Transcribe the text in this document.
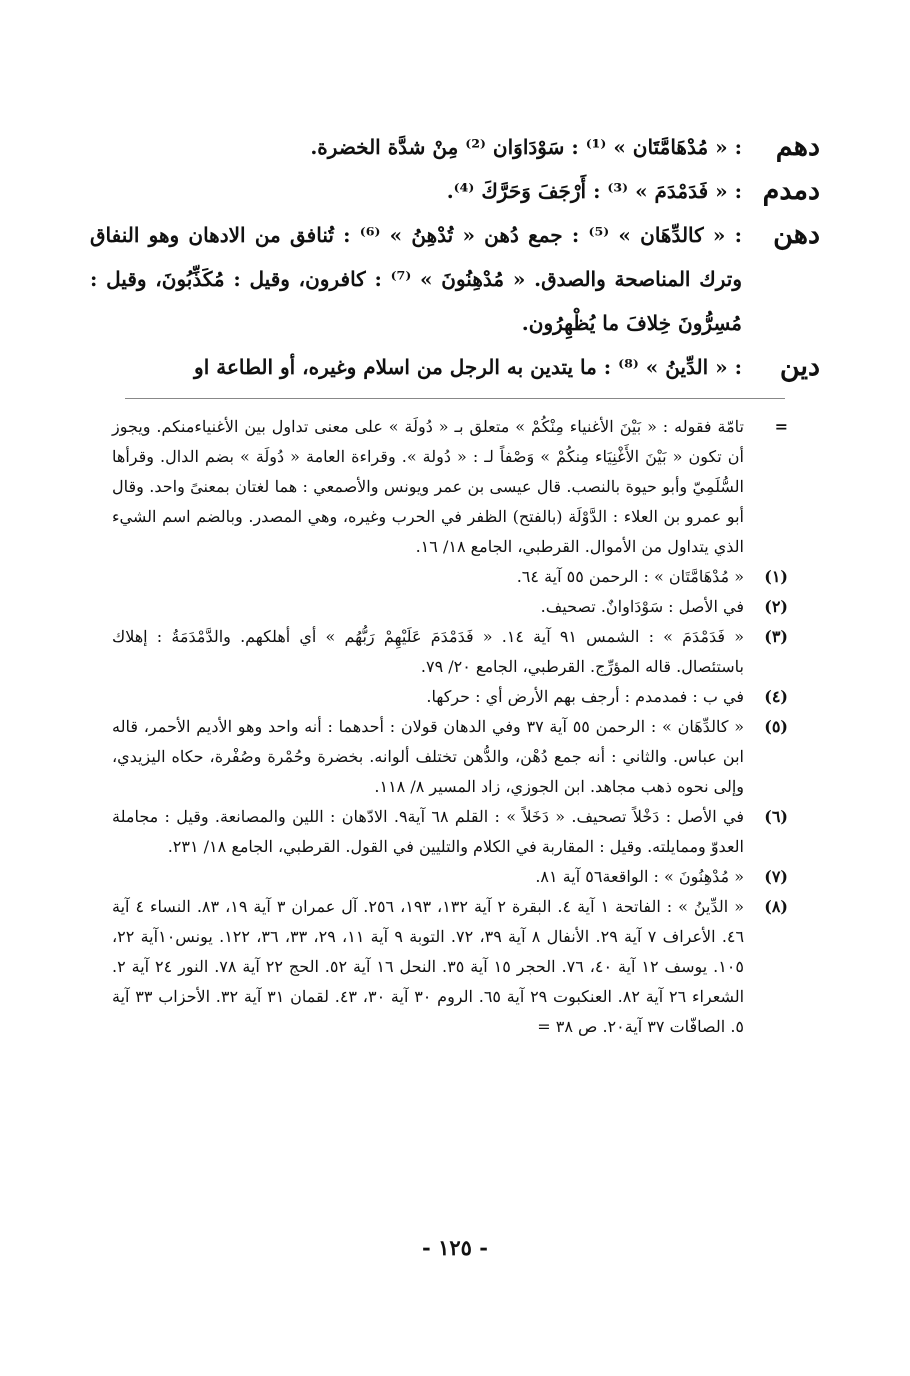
دهم
: « مُدْهَامَّتَان » ⁽¹⁾ : سَوْدَاوَان ⁽²⁾ مِنْ شدَّة الخضرة.
دمدم
: « فَدَمْدَمَ » ⁽³⁾ : أَرْجَفَ وَحَرَّكَ ⁽⁴⁾.
دهن
: « كالدِّهَان » ⁽⁵⁾ : جمع دُهن « تُدْهِنُ » ⁽⁶⁾ : تُنافق من الادهان وهو النفاق وترك المناصحة والصدق. « مُدْهِنُونَ » ⁽⁷⁾ : كافرون، وقيل : مُكَذِّبُونَ، وقيل : مُسِرُّونَ خِلافَ ما يُظْهِرُون.
دين
: « الدِّينُ » ⁽⁸⁾ : ما يتدين به الرجل من اسلام وغيره، أو الطاعة او
=
تامّة فقوله : « بَيْنَ الأغنياء مِنْكُمْ » متعلق بـ « دُولَة » على معنى تداول بين الأغنياءمنكم. ويجوز أن تكون « بَيْنَ الأَغْنِيَاء مِنكُمْ » وَصْفاً لـ : « دُولة ». وقراءة العامة « دُولَة » بضم الدال. وقرأها السُّلَمِيّ وأبو حيوة بالنصب. قال عيسى بن عمر ويونس والأصمعي : هما لغتان بمعنىً واحد. وقال أبو عمرو بن العلاء : الدَّوْلَة (بالفتح) الظفر في الحرب وغيره، وهي المصدر. وبالضم اسم الشيء الذي يتداول من الأموال. القرطبي، الجامع ١٨/ ١٦.
(١)
« مُدْهَامَّتَان » : الرحمن ٥٥ آية ٦٤.
(٢)
في الأصل : سَوْدَاوانٌ. تصحيف.
(٣)
« فَدَمْدَمَ » : الشمس ٩١ آية ١٤. « فَدَمْدَمَ عَلَيْهِمْ رَبُّهُم » أي أهلكهم. والدَّمْدَمَةُ : إهلاك باستئصال. قاله المؤرِّج. القرطبي، الجامع ٢٠/ ٧٩.
(٤)
في ب : فمدمدم : أرجف بهم الأرض أي : حركها.
(٥)
« كالدِّهَان » : الرحمن ٥٥ آية ٣٧ وفي الدهان قولان : أحدهما : أنه واحد وهو الأديم الأحمر، قاله ابن عباس. والثاني : أنه جمع دُهْن، والدُّهن تختلف ألوانه. بخضرة وحُمْرة وصُفْرة، حكاه اليزيدي، وإلى نحوه ذهب مجاهد. ابن الجوزي، زاد المسير ٨/ ١١٨.
(٦)
في الأصل : دَخْلاً تصحيف. « دَخَلاً » : القلم ٦٨ آية٩. الادّهان : اللين والمصانعة. وقيل : مجاملة العدوّ وممايلته. وقيل : المقاربة في الكلام والتليين في القول. القرطبي، الجامع ١٨/ ٢٣١.
(٧)
« مُدْهِنُونَ » : الواقعة٥٦ آية ٨١.
(٨)
« الدِّينُ » : الفاتحة ١ آية ٤. البقرة ٢ آية ١٣٢، ١٩٣، ٢٥٦. آل عمران ٣ آية ١٩، ٨٣. النساء ٤ آية ٤٦. الأعراف ٧ آية ٢٩. الأنفال ٨ آية ٣٩، ٧٢. التوبة ٩ آية ١١، ٢٩، ٣٣، ٣٦، ١٢٢. يونس١٠آية ٢٢، ١٠٥. يوسف ١٢ آية ٤٠، ٧٦. الحجر ١٥ آية ٣٥. النحل ١٦ آية ٥٢. الحج ٢٢ آية ٧٨. النور ٢٤ آية ٢. الشعراء ٢٦ آية ٨٢. العنكبوت ٢٩ آية ٦٥. الروم ٣٠ آية ٣٠، ٤٣. لقمان ٣١ آية ٣٢. الأحزاب ٣٣ آية ٥. الصافّات ٣٧ آية٢٠. ص ٣٨ =
- ١٢٥ -
